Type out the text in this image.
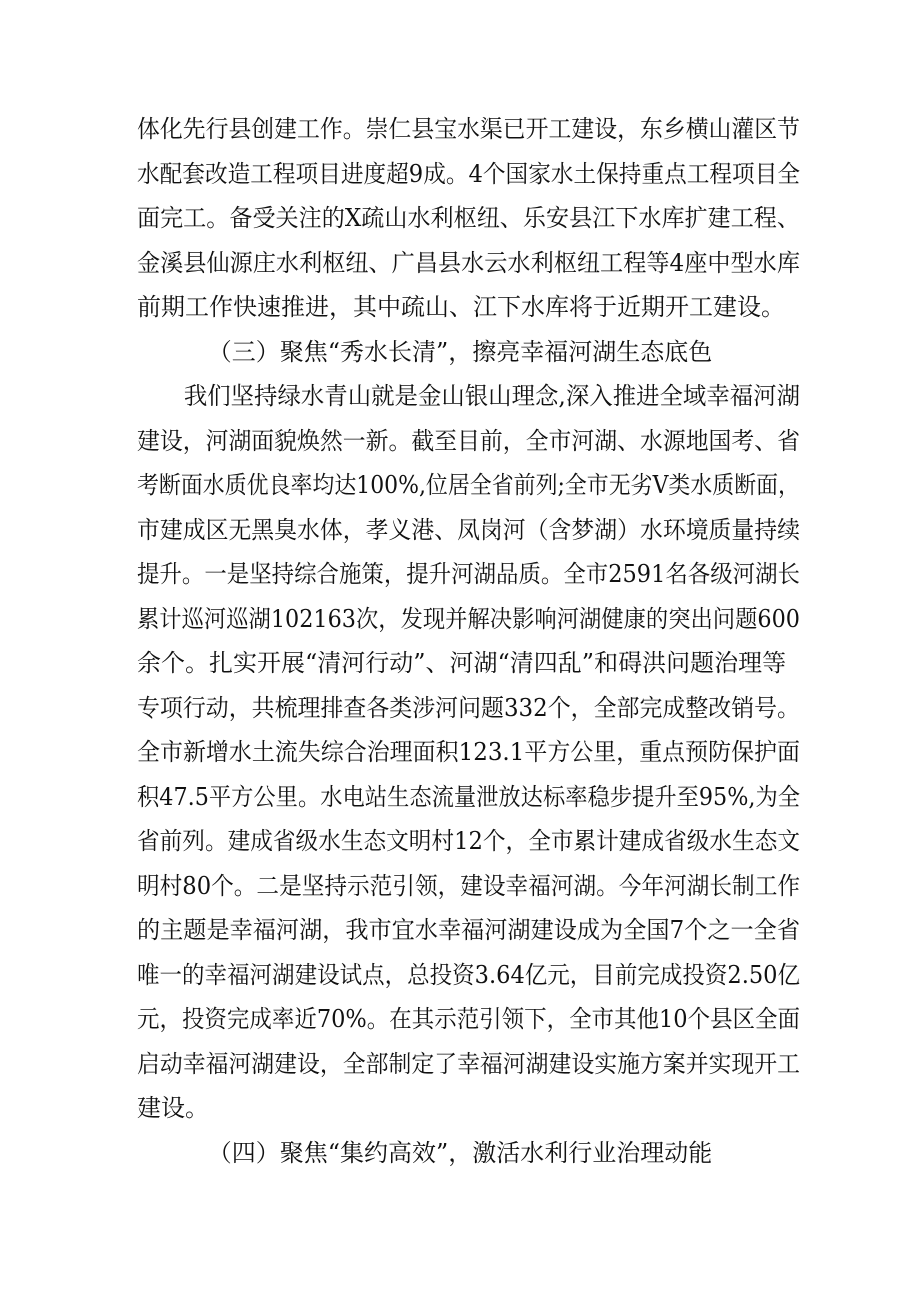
体化先行县创建工作。崇仁县宝水渠已开工建设，东乡横山灌区节
水配套改造工程项目进度超9成。4个国家水土保持重点工程项目全
面完工。备受关注的X疏山水利枢纽、乐安县江下水库扩建工程、
金溪县仙源庄水利枢纽、广昌县水云水利枢纽工程等4座中型水库
前期工作快速推进，其中疏山、江下水库将于近期开工建设。
（三）聚焦“秀水长清”，擦亮幸福河湖生态底色
　　我们坚持绿水青山就是金山银山理念,深入推进全域幸福河湖
建设，河湖面貌焕然一新。截至目前，全市河湖、水源地国考、省
考断面水质优良率均达100%,位居全省前列;全市无劣V类水质断面，
市建成区无黑臭水体，孝义港、凤岗河（含梦湖）水环境质量持续
提升。一是坚持综合施策，提升河湖品质。全市2591名各级河湖长
累计巡河巡湖102163次，发现并解决影响河湖健康的突出问题600
余个。扎实开展“清河行动”、河湖“清四乱”和碍洪问题治理等
专项行动，共梳理排查各类涉河问题332个，全部完成整改销号。
全市新增水土流失综合治理面积123.1平方公里，重点预防保护面
积47.5平方公里。水电站生态流量泄放达标率稳步提升至95%,为全
省前列。建成省级水生态文明村12个，全市累计建成省级水生态文
明村80个。二是坚持示范引领，建设幸福河湖。今年河湖长制工作
的主题是幸福河湖，我市宜水幸福河湖建设成为全国7个之一全省
唯一的幸福河湖建设试点，总投资3.64亿元，目前完成投资2.50亿
元，投资完成率近70%。在其示范引领下，全市其他10个县区全面
启动幸福河湖建设，全部制定了幸福河湖建设实施方案并实现开工
建设。
（四）聚焦“集约高效”，激活水利行业治理动能
